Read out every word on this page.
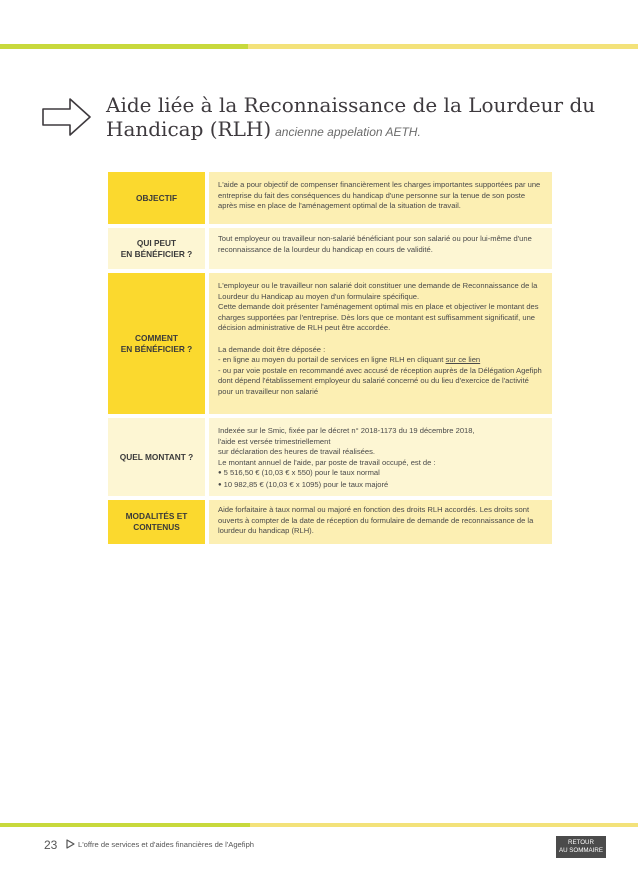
Aide liée à la Reconnaissance de la Lourdeur du
Handicap (RLH) ancienne appelation AETH.
OBJECTIF

L'aide a pour objectif de compenser financièrement les charges importantes supportées par une entreprise du fait des conséquences du handicap d'une personne sur la tenue de son poste après mise en place de l'aménagement optimal de la situation de travail.

QUI PEUT
EN BÉNÉFICIER ?

Tout employeur ou travailleur non-salarié bénéficiant pour son salarié ou pour lui-même d'une reconnaissance de la lourdeur du handicap en cours de validité.

COMMENT
EN BÉNÉFICIER ?

L'employeur ou le travailleur non salarié doit constituer une demande de Reconnaissance de la Lourdeur du Handicap au moyen d'un formulaire spécifique.

Cette demande doit présenter l'aménagement optimal mis en place et objectiver le montant des charges supportées par l'entreprise. Dès lors que ce montant est suffisamment significatif, une décision administrative de RLH peut être accordée.

La demande doit être déposée :

- en ligne au moyen du portail de services en ligne RLH en cliquant sur ce lien

- ou par voie postale en recommandé avec accusé de réception auprès de la Délégation Agefiph dont dépend l'établissement employeur du salarié concerné ou du lieu d'exercice de l'activité pour un travailleur non salarié

QUEL MONTANT ?

Indexée sur le Smic, fixée par le décret n° 2018-1173 du 19 décembre 2018,

l'aide est versée trimestriellement

sur déclaration des heures de travail réalisées.

Le montant annuel de l'aide, par poste de travail occupé, est de :

● 5 516,50 € (10,03 € x 550) pour le taux normal
● 10 982,85 € (10,03 € x 1095) pour le taux majoré
MODALITÉS ET
CONTENUS

Aide forfaitaire à taux normal ou majoré en fonction des droits RLH accordés. Les droits sont ouverts à compter de la date de réception du formulaire de demande de reconnaissance de la lourdeur du handicap (RLH).

23	L'offre de services et d'aides financières de l'Agefiph	RETOUR
AU SOMMAIRE
